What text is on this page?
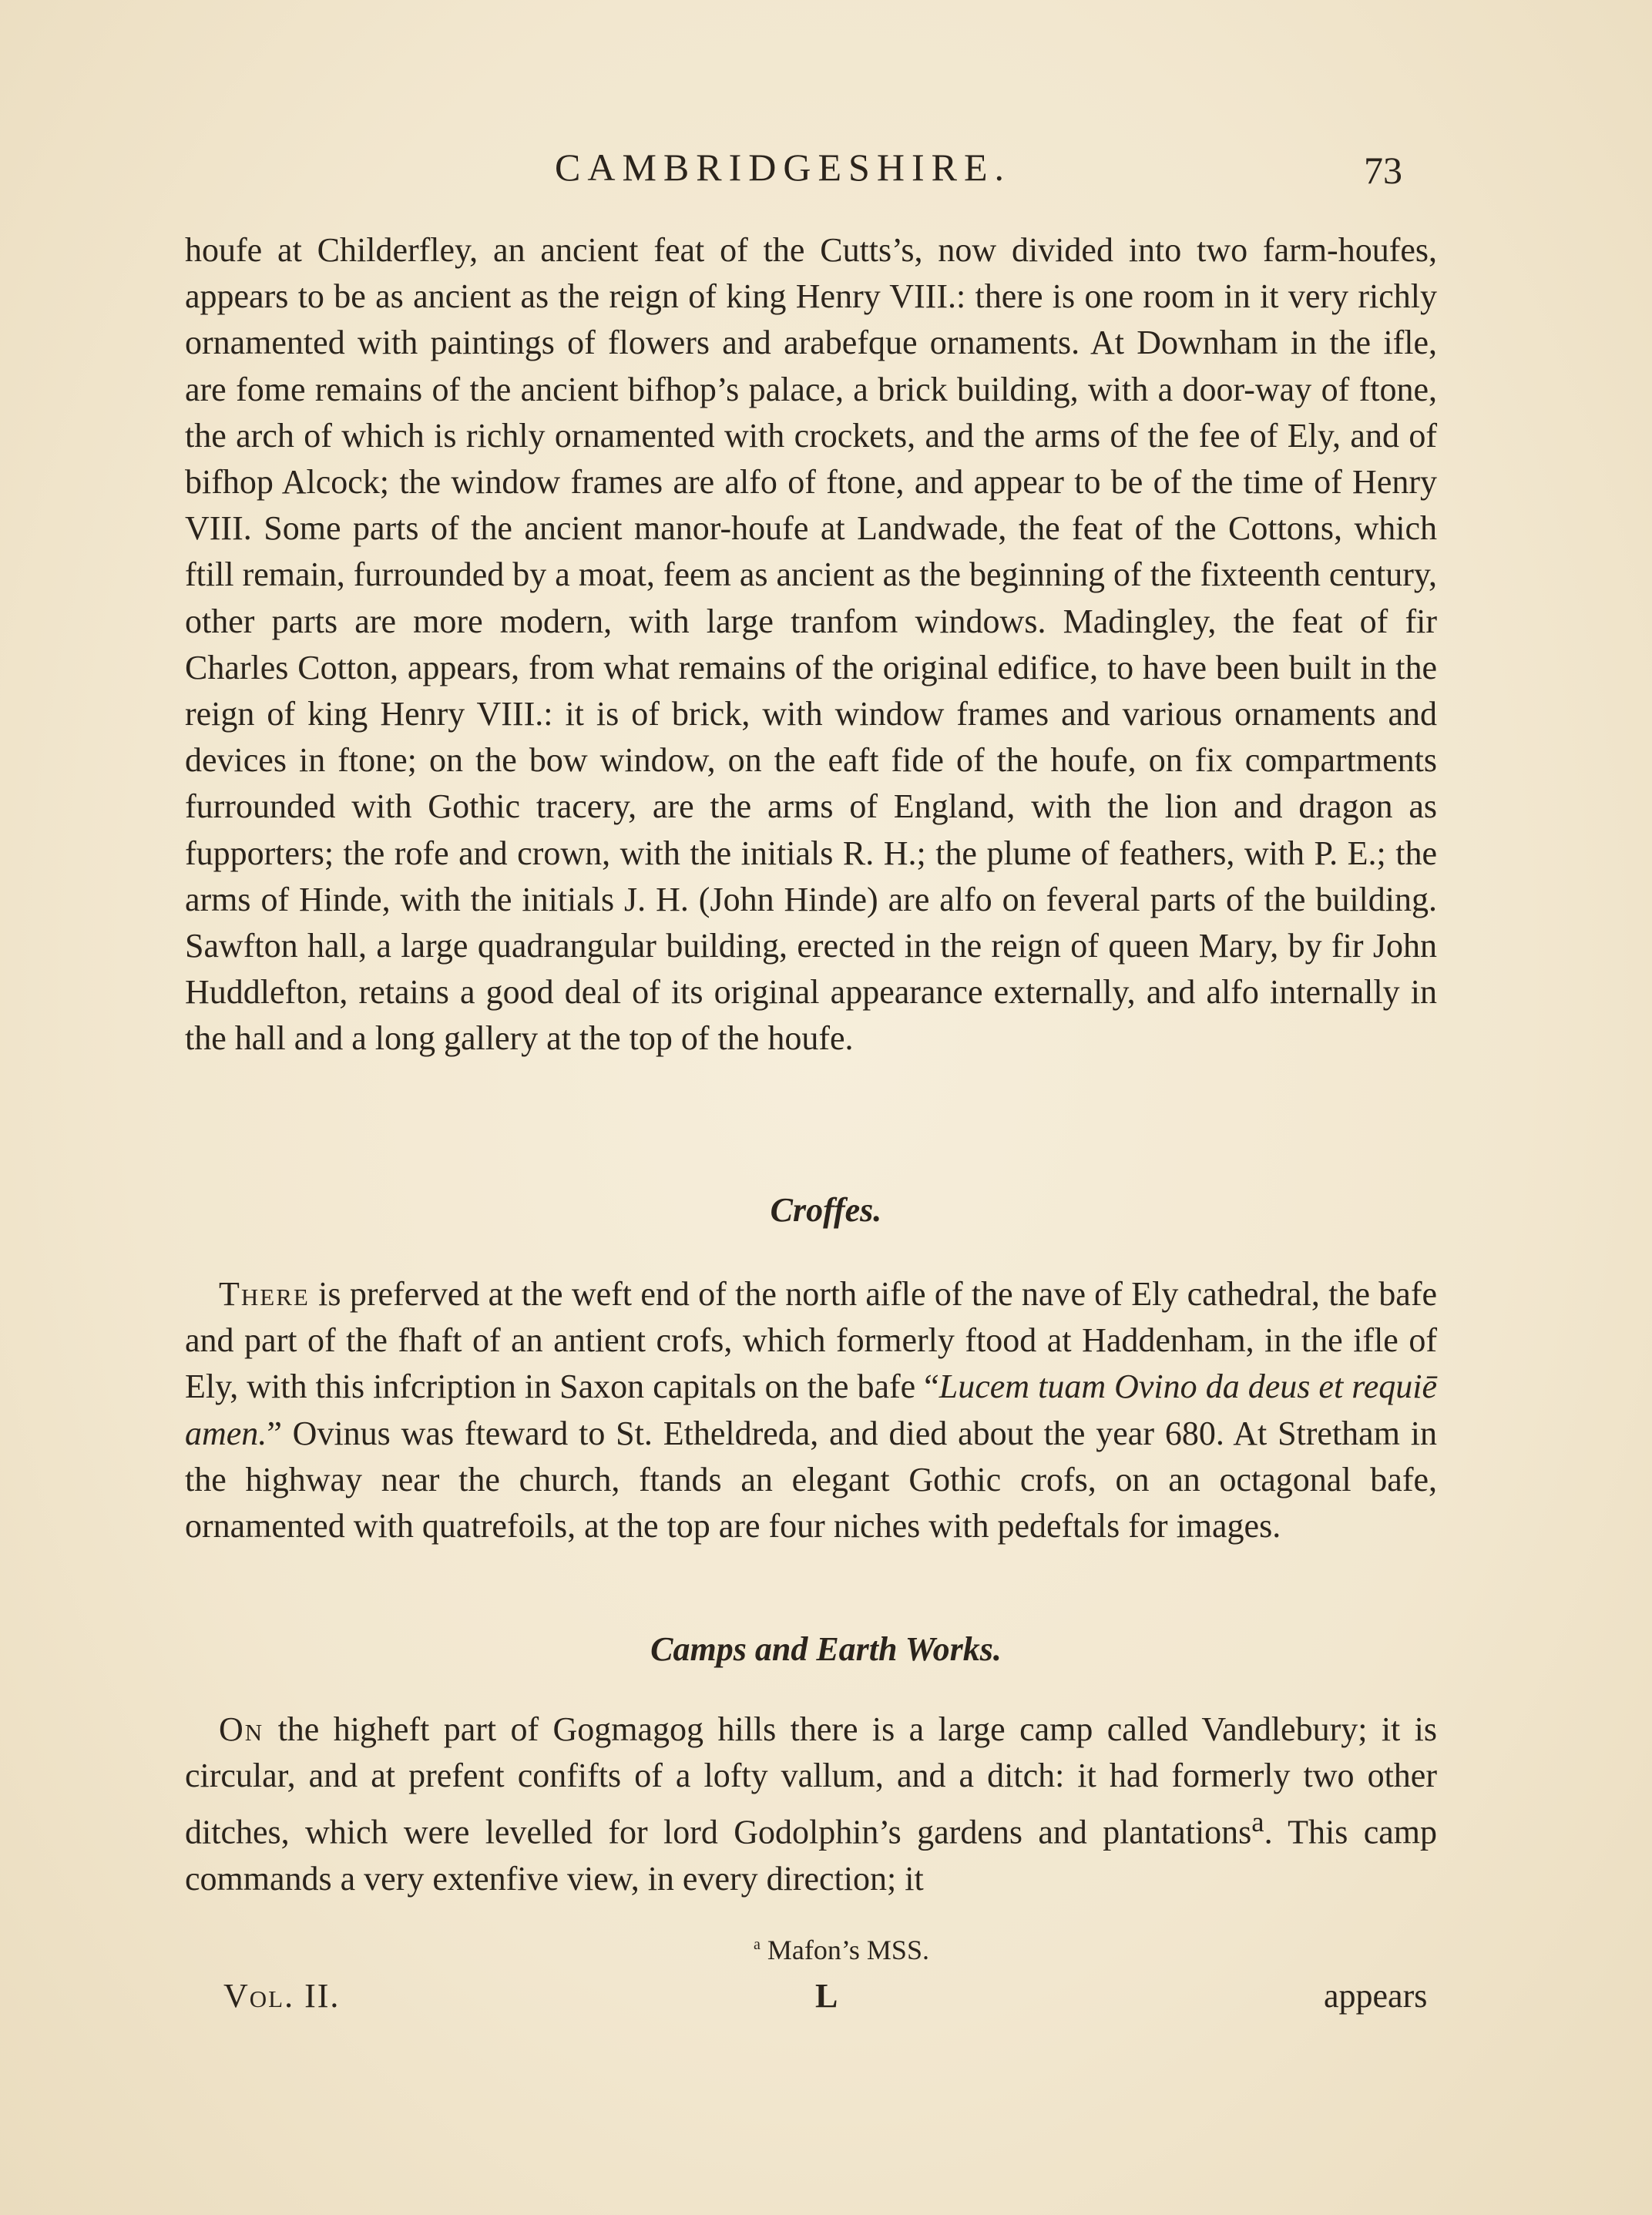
CAMBRIDGESHIRE.	73

houfe at Childerfley, an ancient feat of the Cutts’s, now divided into two farm-houfes, appears to be as ancient as the reign of king Henry VIII.: there is one room in it very richly ornamented with paintings of flowers and arabefque ornaments. At Downham in the ifle, are fome remains of the ancient bifhop’s palace, a brick building, with a door-way of ftone, the arch of which is richly ornamented with crockets, and the arms of the fee of Ely, and of bifhop Alcock; the window frames are alfo of ftone, and appear to be of the time of Henry VIII. Some parts of the ancient manor-houfe at Landwade, the feat of the Cottons, which ftill remain, furrounded by a moat, feem as ancient as the beginning of the fixteenth century, other parts are more modern, with large tranfom windows. Madingley, the feat of fir Charles Cotton, appears, from what remains of the original edifice, to have been built in the reign of king Henry VIII.: it is of brick, with window frames and various ornaments and devices in ftone; on the bow window, on the eaft fide of the houfe, on fix compartments furrounded with Gothic tracery, are the arms of England, with the lion and dragon as fupporters; the rofe and crown, with the initials R. H.; the plume of feathers, with P. E.; the arms of Hinde, with the initials J. H. (John Hinde) are alfo on feveral parts of the building. Sawfton hall, a large quadrangular building, erected in the reign of queen Mary, by fir John Huddlefton, retains a good deal of its original appearance externally, and alfo internally in the hall and a long gallery at the top of the houfe.

Croffes.

 There is preferved at the weft end of the north aifle of the nave of Ely cathedral, the bafe and part of the fhaft of an antient crofs, which formerly ftood at Haddenham, in the ifle of Ely, with this infcription in Saxon capitals on the bafe “Lucem tuam Ovino da deus et requiē amen.” Ovinus was fteward to St. Etheldreda, and died about the year 680. At Stretham in the highway near the church, ftands an elegant Gothic crofs, on an octagonal bafe, ornamented with quatrefoils, at the top are four niches with pedeftals for images.

Camps and Earth Works.

 On the higheft part of Gogmagog hills there is a large camp called Vandlebury; it is circular, and at prefent confifts of a lofty vallum, and a ditch: it had formerly two other ditches, which were levelled for lord Godolphin’s gardens and plantations$^a$. This camp commands a very extenfive view, in every direction; it

$^a$ Mafon’s MSS.
Vol. II.	L	appears
